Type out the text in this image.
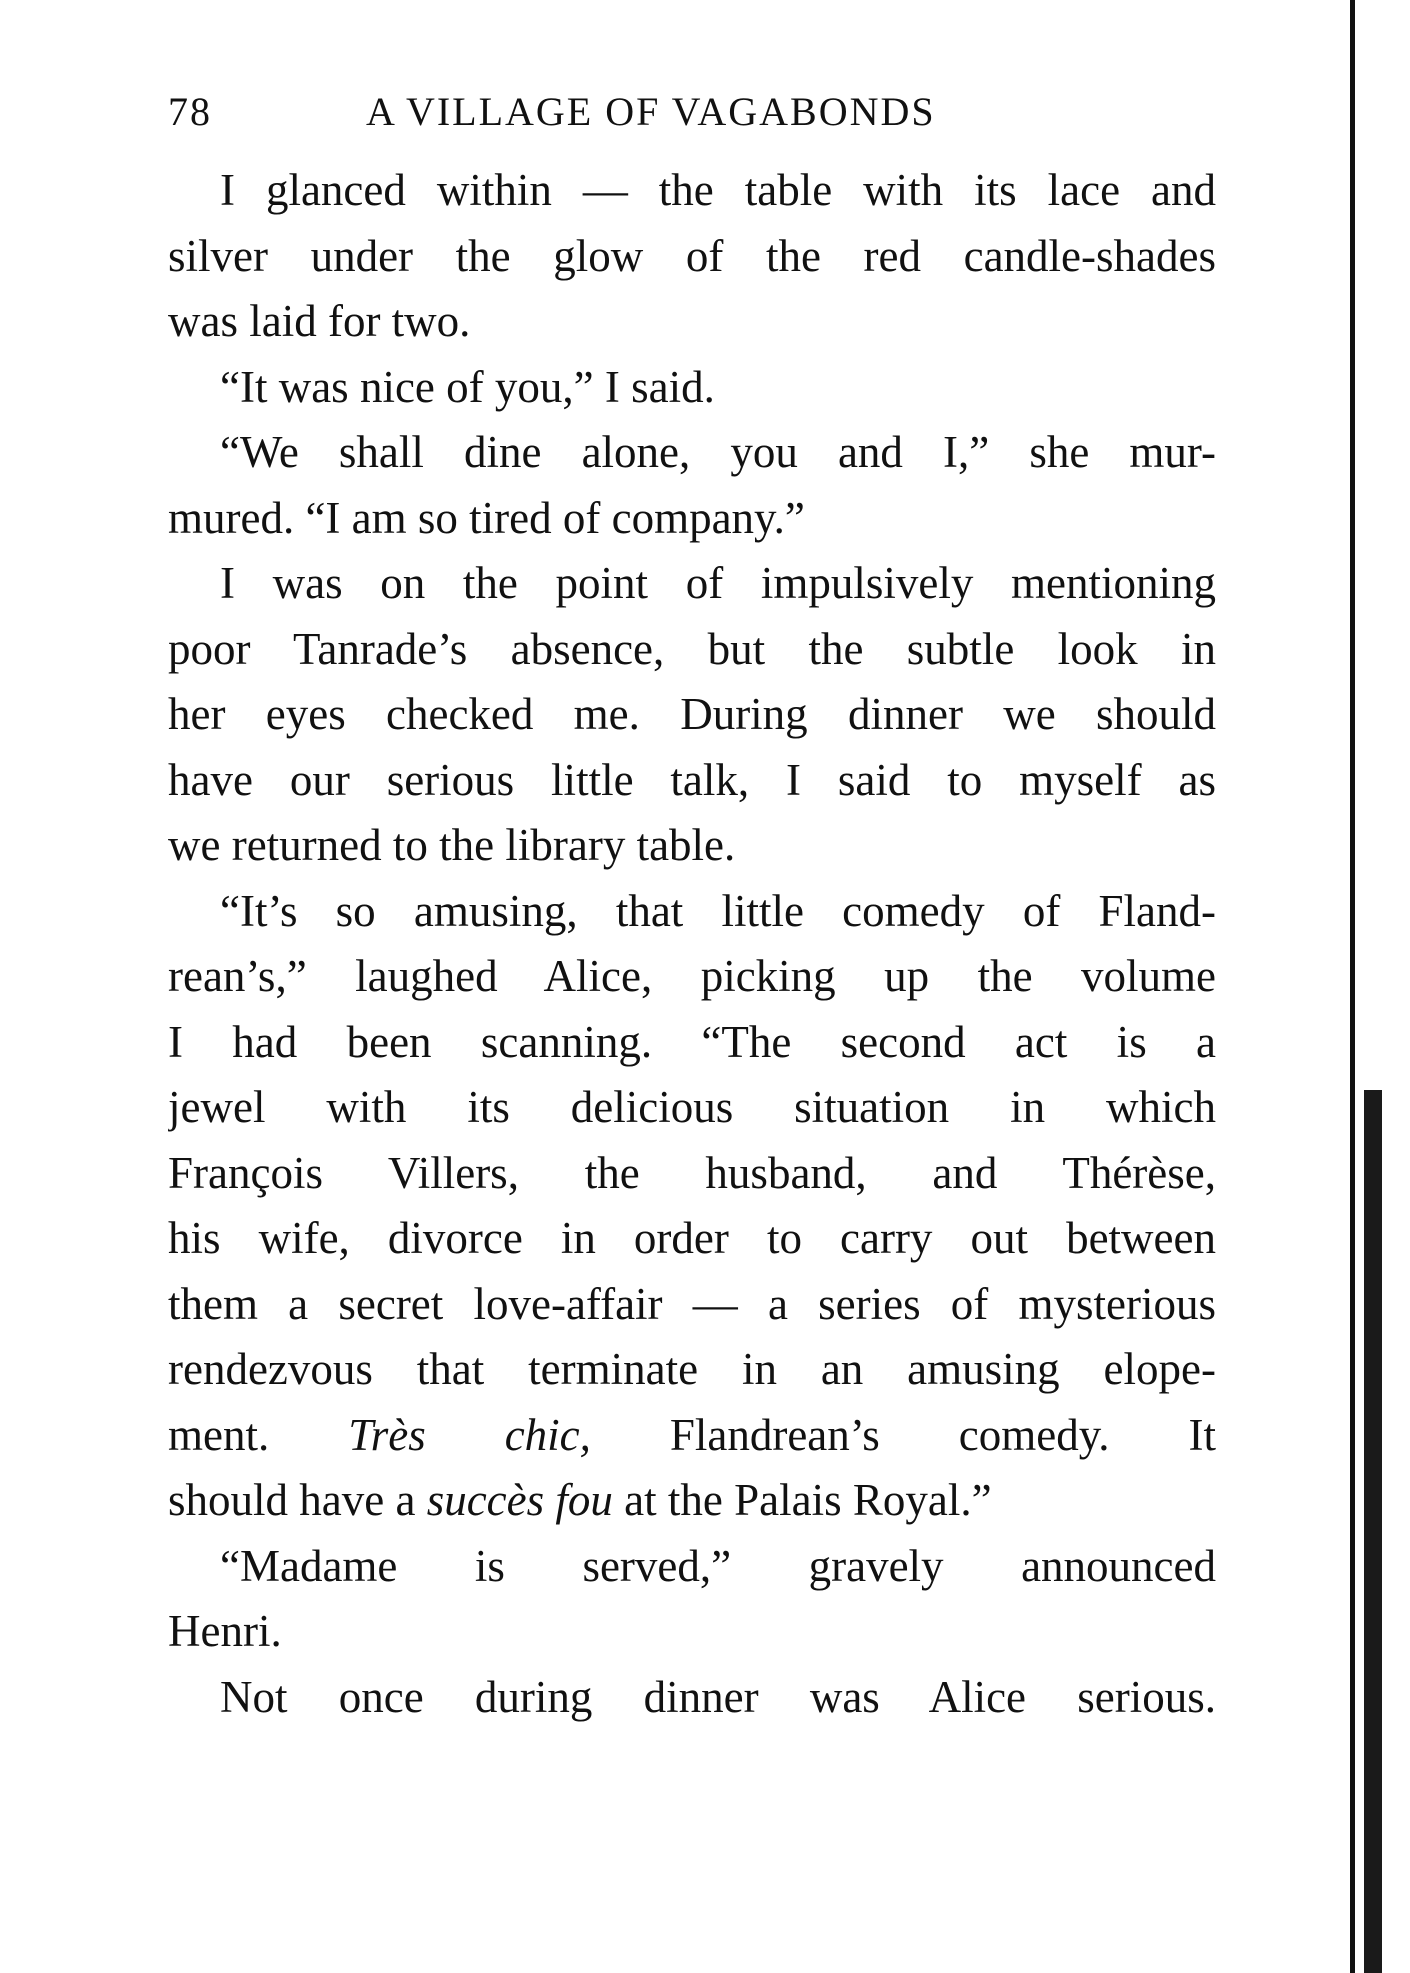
78	A VILLAGE OF VAGABONDS
I glanced within — the table with its lace and
silver under the glow of the red candle-shades
was laid for two.
“It was nice of you,” I said.
“We shall dine alone, you and I,” she mur-
mured. “I am so tired of company.”
I was on the point of impulsively mentioning
poor Tanrade’s absence, but the subtle look in
her eyes checked me. During dinner we should
have our serious little talk, I said to myself as
we returned to the library table.
“It’s so amusing, that little comedy of Fland-
rean’s,” laughed Alice, picking up the volume
I had been scanning. “The second act is a
jewel with its delicious situation in which
François Villers, the husband, and Thérèse,
his wife, divorce in order to carry out between
them a secret love-affair — a series of mysterious
rendezvous that terminate in an amusing elope-
ment. Très chic, Flandrean’s comedy. It
should have a succès fou at the Palais Royal.”
“Madame is served,” gravely announced
Henri.
Not once during dinner was Alice serious.
